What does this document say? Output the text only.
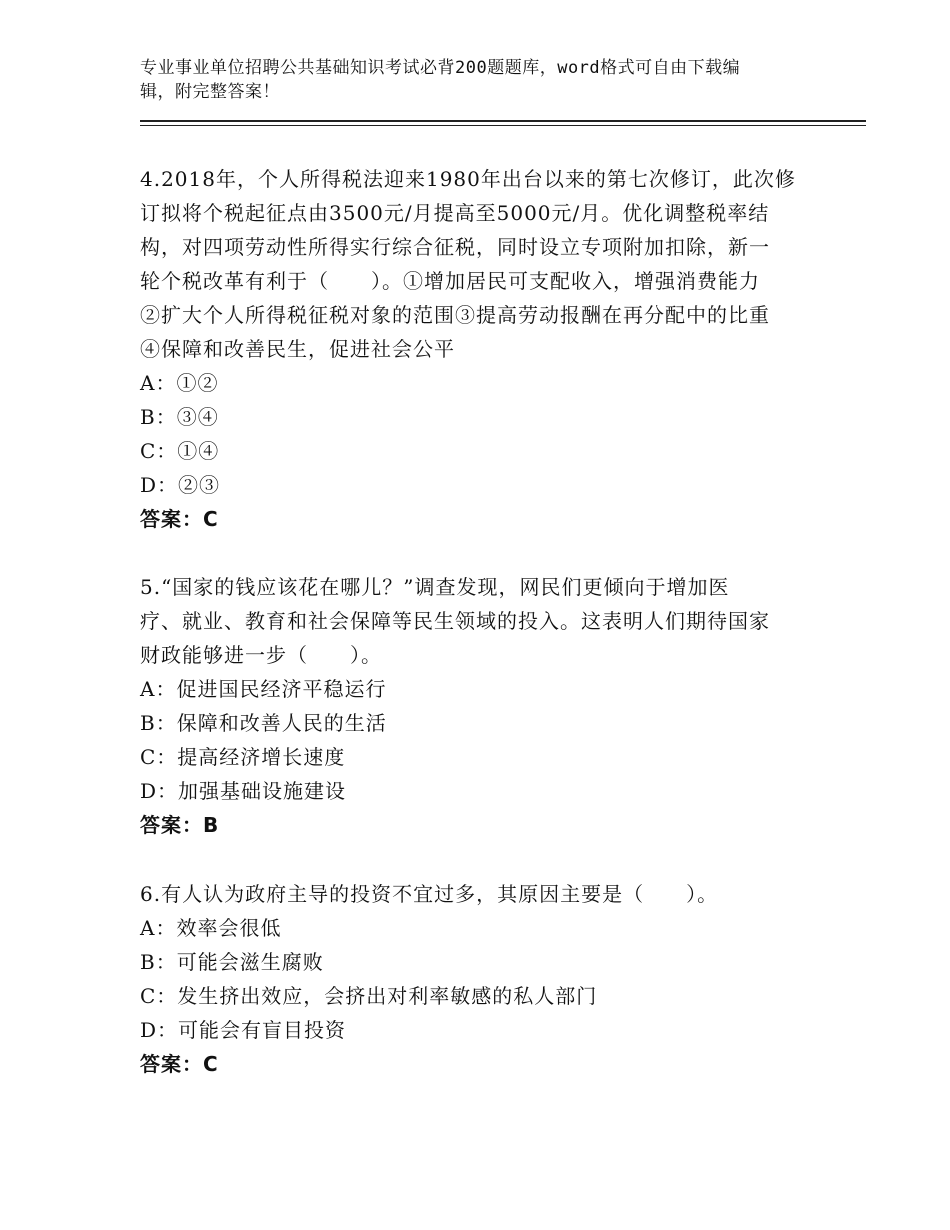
专业事业单位招聘公共基础知识考试必背200题题库，word格式可自由下载编
辑，附完整答案！
4.2018年，个人所得税法迎来1980年出台以来的第七次修订，此次修
订拟将个税起征点由3500元/月提高至5000元/月。优化调整税率结
构，对四项劳动性所得实行综合征税，同时设立专项附加扣除，新一
轮个税改革有利于（　　）。①增加居民可支配收入，增强消费能力
②扩大个人所得税征税对象的范围③提高劳动报酬在再分配中的比重
④保障和改善民生，促进社会公平
A：①②
B：③④
C：①④
D：②③
答案：C
5.“国家的钱应该花在哪儿？”调查发现，网民们更倾向于增加医
疗、就业、教育和社会保障等民生领域的投入。这表明人们期待国家
财政能够进一步（　　）。
A：促进国民经济平稳运行
B：保障和改善人民的生活
C：提高经济增长速度
D：加强基础设施建设
答案：B
6.有人认为政府主导的投资不宜过多，其原因主要是（　　）。
A：效率会很低
B：可能会滋生腐败
C：发生挤出效应，会挤出对利率敏感的私人部门
D：可能会有盲目投资
答案：C
